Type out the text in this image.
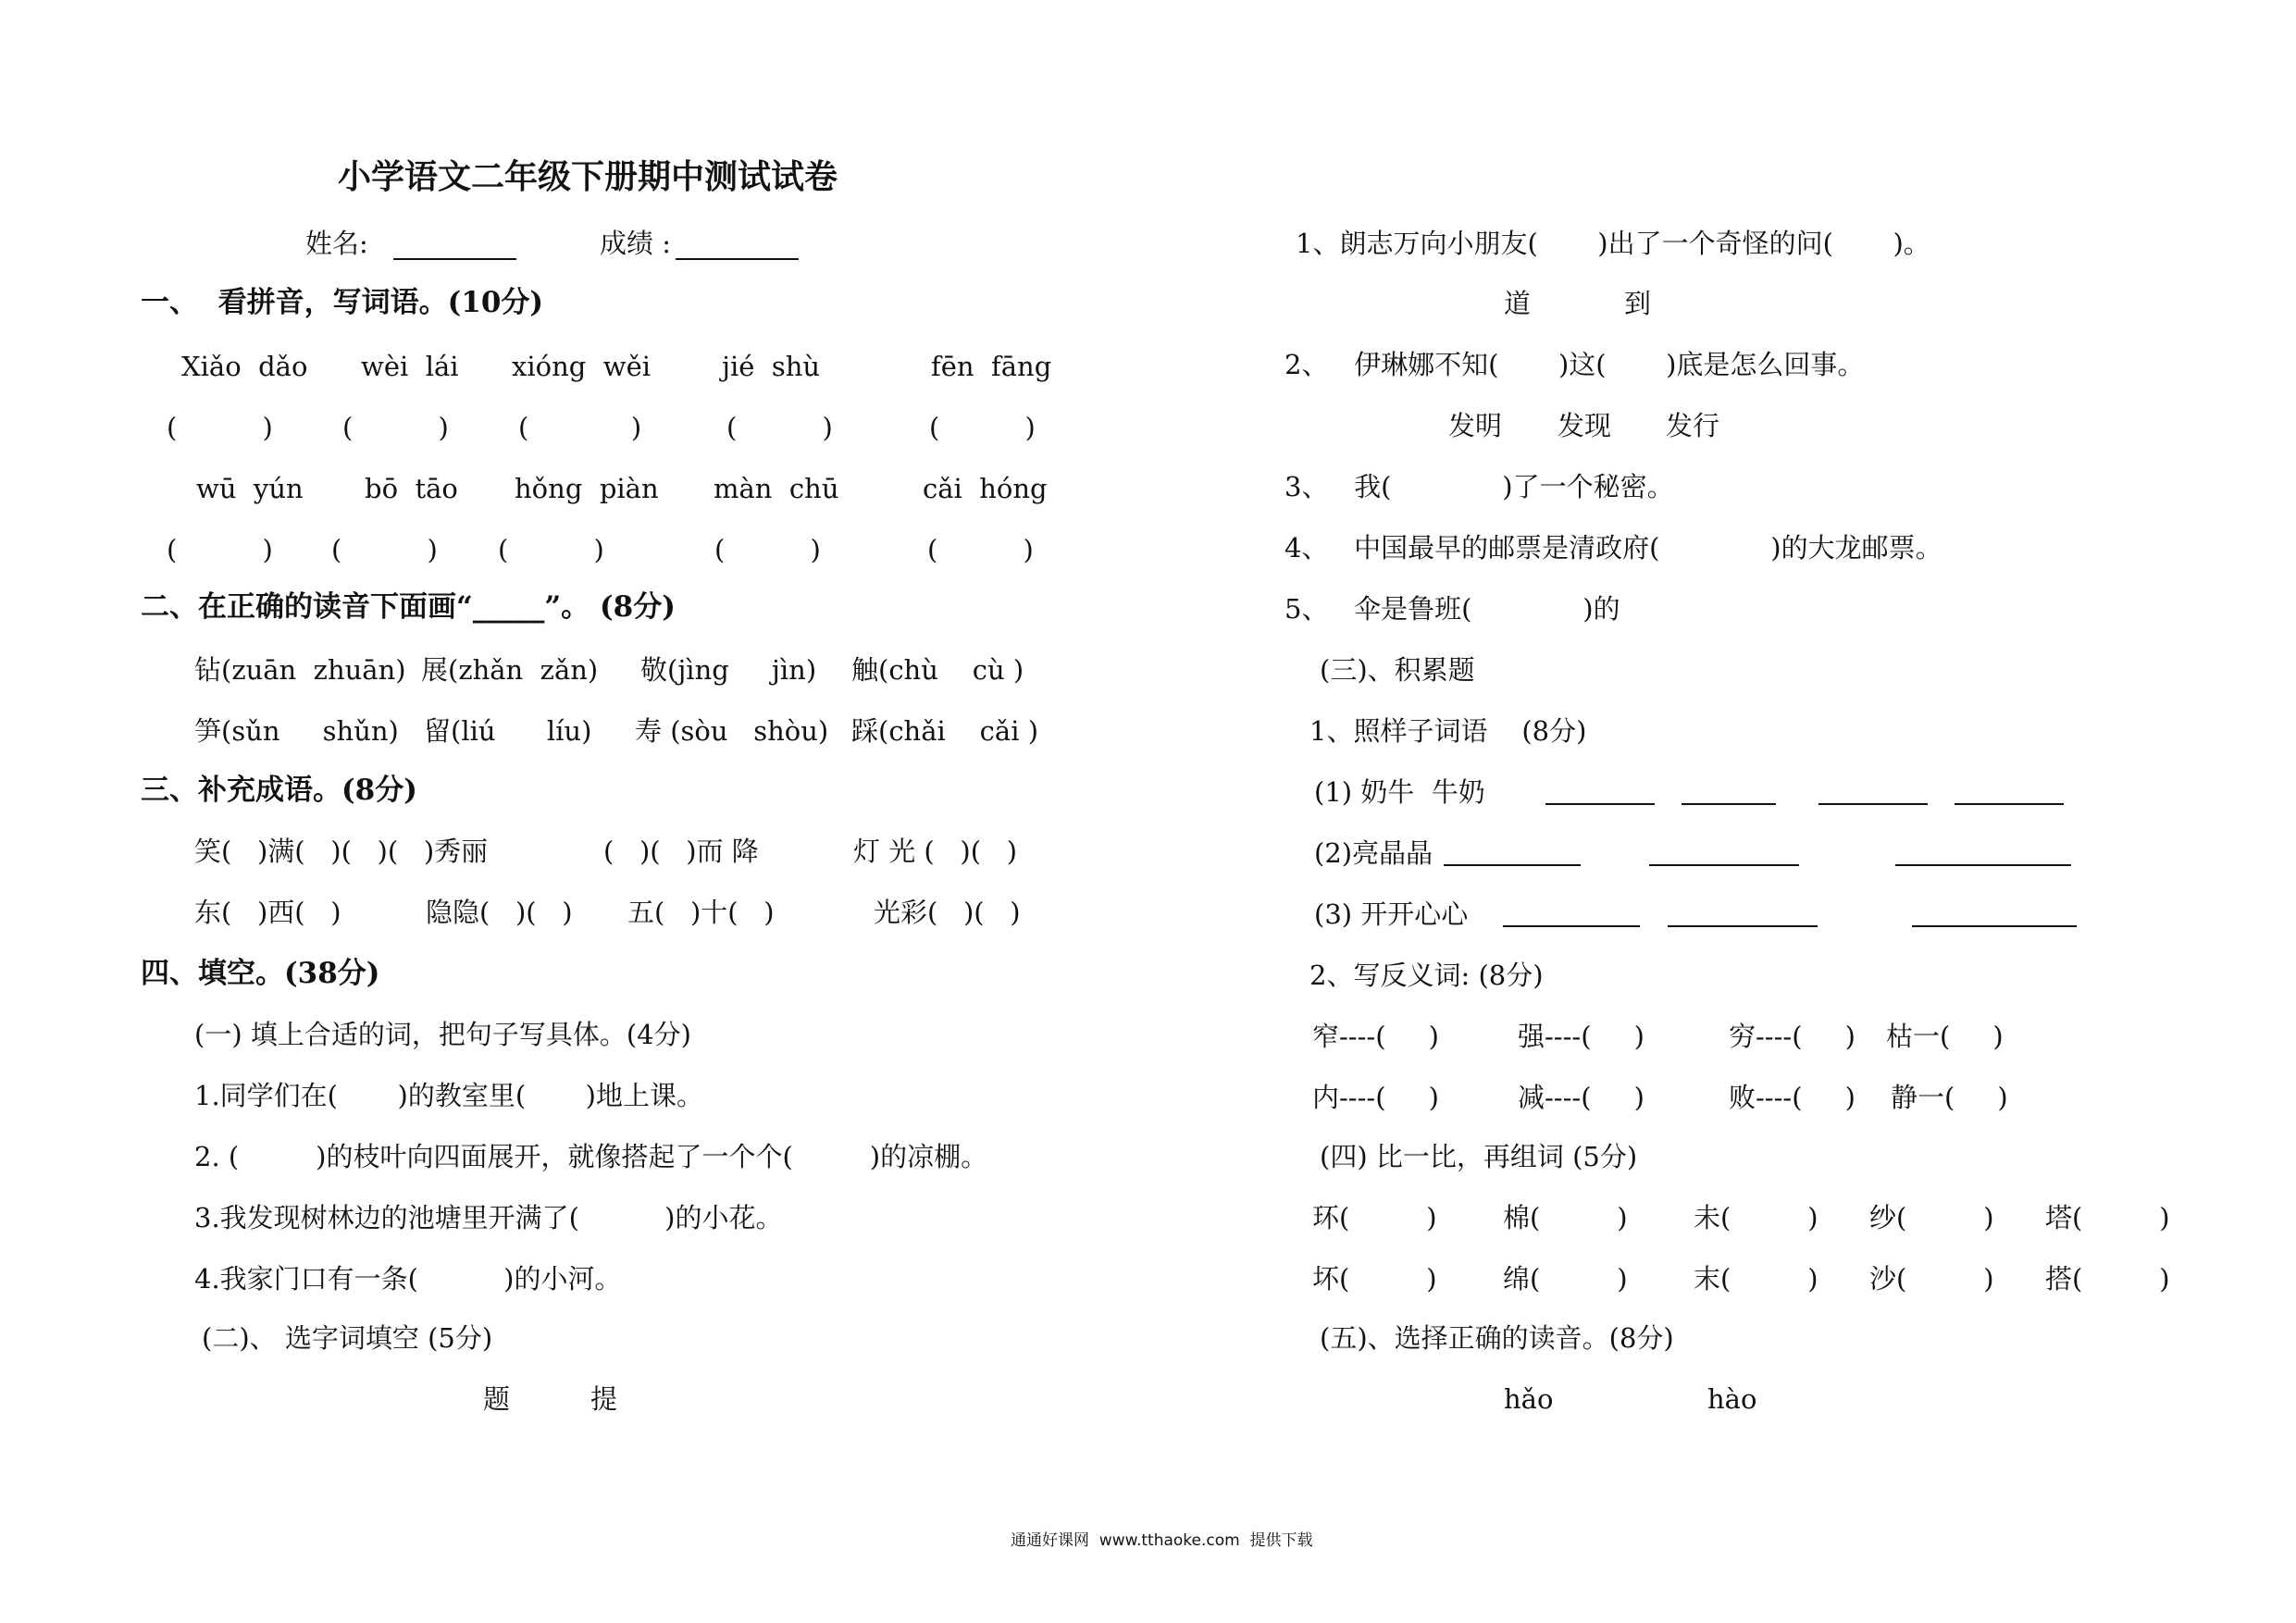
小学语文二年级下册期中测试试卷
姓名:	成绩 :
一、  看拼音，写词语。(10分)
Xiǎo  dǎo wèi  lái xióng  wěi	jié  shù	fēn  fāng
(          )	(          )	(            )	(          )	(          )
wū  yún bō  tāo hǒng  piàn màn  chū	cǎi  hóng
(          ) (          ) (          )	(          )	(          )
二、在正确的读音下面画“_____”。 (8分)
钻(zuān  zhuān) 展(zhǎn  zǎn) 敬(jìng     jìn) 触(chù    cù )
笋(sǔn     shǔn) 留(liú      líu) 寿 (sòu   shòu) 踩(chǎi    cǎi )
三、补充成语。(8分)
笑(   )满(   )(   )(   )秀丽	(   )(   )而 降	灯 光 (   )(   )
东(   )西(   )	隐隐(   )(   ) 五(   )十(   )	光彩(   )(   )
四、填空。(38分)
(一) 填上合适的词，把句子写具体。(4分)
1.同学们在(       )的教室里(       )地上课。
2. (         )的枝叶向四面展开，就像搭起了一个个(         )的凉棚。
3.我发现树林边的池塘里开满了(          )的小花。
4.我家门口有一条(          )的小河。
(二)、 选字词填空 (5分)
题	提
1、朗志万向小朋友(       )出了一个奇怪的问(       )。
道	到
2、   伊琳娜不知(       )这(       )底是怎么回事。
发明 发现 发行
3、   我(             )了一个秘密。
4、   中国最早的邮票是清政府(             )的大龙邮票。
5、   伞是鲁班(             )的
(三)、积累题
1、照样子词语    (8分)
(1) 奶牛  牛奶
(2)亮晶晶
(3) 开开心心
2、写反义词: (8分)
窄----(     )	强----(     )	穷----(     ) 枯一(     )
内----(     )	减----(     )	败----(     ) 静一(     )
(四) 比一比，再组词 (5分)
环(         ) 棉(         ) 未(         ) 纱(         ) 塔(         )
坏(         ) 绵(         ) 末(         ) 沙(         ) 搭(         )
(五)、选择正确的读音。(8分)
hǎo	hào
通通好课网  www.tthaoke.com  提供下载
